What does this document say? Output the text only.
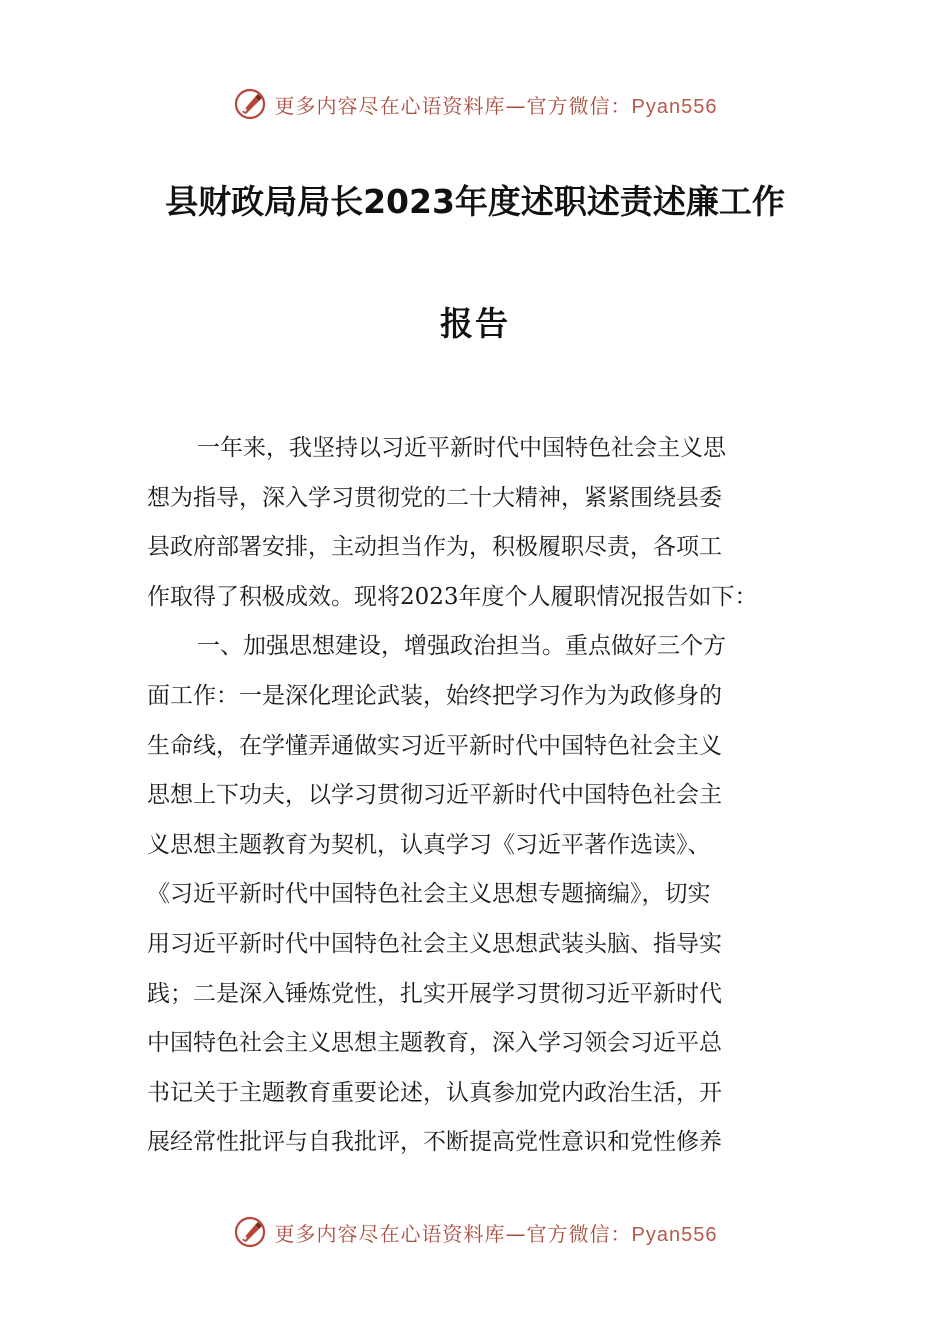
更多内容尽在心语资料库—官方微信：Pyan556
县财政局局长2023年度述职述责述廉工作
报告
一年来，我坚持以习近平新时代中国特色社会主义思
想为指导，深入学习贯彻党的二十大精神，紧紧围绕县委
县政府部署安排，主动担当作为，积极履职尽责，各项工
作取得了积极成效。现将2023年度个人履职情况报告如下：
一、加强思想建设，增强政治担当。重点做好三个方
面工作：一是深化理论武装，始终把学习作为为政修身的
生命线，在学懂弄通做实习近平新时代中国特色社会主义
思想上下功夫，以学习贯彻习近平新时代中国特色社会主
义思想主题教育为契机，认真学习《习近平著作选读》、
《习近平新时代中国特色社会主义思想专题摘编》，切实
用习近平新时代中国特色社会主义思想武装头脑、指导实
践；二是深入锤炼党性，扎实开展学习贯彻习近平新时代
中国特色社会主义思想主题教育，深入学习领会习近平总
书记关于主题教育重要论述，认真参加党内政治生活，开
展经常性批评与自我批评，不断提高党性意识和党性修养
更多内容尽在心语资料库—官方微信：Pyan556
